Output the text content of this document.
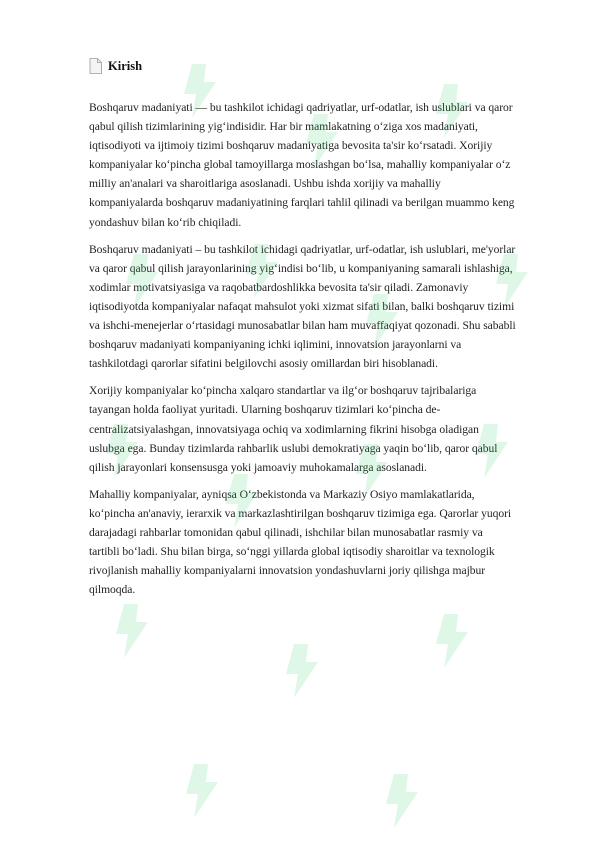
Kirish

Boshqaruv madaniyati — bu tashkilot ichidagi qadriyatlar, urf-odatlar, ish uslublari va qaror qabul qilish tizimlarining yig‘indisidir. Har bir mamlakatning o‘ziga xos madaniyati, iqtisodiyoti va ijtimoiy tizimi boshqaruv madaniyatiga bevosita ta'sir ko‘rsatadi. Xorijiy kompaniyalar ko‘pincha global tamoyillarga moslashgan bo‘lsa, mahalliy kompaniyalar o‘z milliy an'analari va sharoitlariga asoslanadi. Ushbu ishda xorijiy va mahalliy kompaniyalarda boshqaruv madaniyatining farqlari tahlil qilinadi va berilgan muammo keng yondashuv bilan ko‘rib chiqiladi.

Boshqaruv madaniyati – bu tashkilot ichidagi qadriyatlar, urf-odatlar, ish uslublari, me'yorlar va qaror qabul qilish jarayonlarining yig‘indisi bo‘lib, u kompaniyaning samarali ishlashiga, xodimlar motivatsiyasiga va raqobatbardoshlikka bevosita ta'sir qiladi. Zamonaviy iqtisodiyotda kompaniyalar nafaqat mahsulot yoki xizmat sifati bilan, balki boshqaruv tizimi va ishchi-menejerlar o‘rtasidagi munosabatlar bilan ham muvaffaqiyat qozonadi. Shu sababli boshqaruv madaniyati kompaniyaning ichki iqlimini, innovatsion jarayonlarni va tashkilotdagi qarorlar sifatini belgilovchi asosiy omillardan biri hisoblanadi.

Xorijiy kompaniyalar ko‘pincha xalqaro standartlar va ilg‘or boshqaruv tajribalariga tayangan holda faoliyat yuritadi. Ularning boshqaruv tizimlari ko‘pincha de-centralizatsiyalashgan, innovatsiyaga ochiq va xodimlarning fikrini hisobga oladigan uslubga ega. Bunday tizimlarda rahbarlik uslubi demokratiyaga yaqin bo‘lib, qaror qabul qilish jarayonlari konsensusga yoki jamoaviy muhokamalarga asoslanadi.

Mahalliy kompaniyalar, ayniqsa O‘zbekistonda va Markaziy Osiyo mamlakatlarida, ko‘pincha an'anaviy, ierarxik va markazlashtirilgan boshqaruv tizimiga ega. Qarorlar yuqori darajadagi rahbarlar tomonidan qabul qilinadi, ishchilar bilan munosabatlar rasmiy va tartibli bo‘ladi. Shu bilan birga, so‘nggi yillarda global iqtisodiy sharoitlar va texnologik rivojlanish mahalliy kompaniyalarni innovatsion yondashuvlarni joriy qilishga majbur qilmoqda.
